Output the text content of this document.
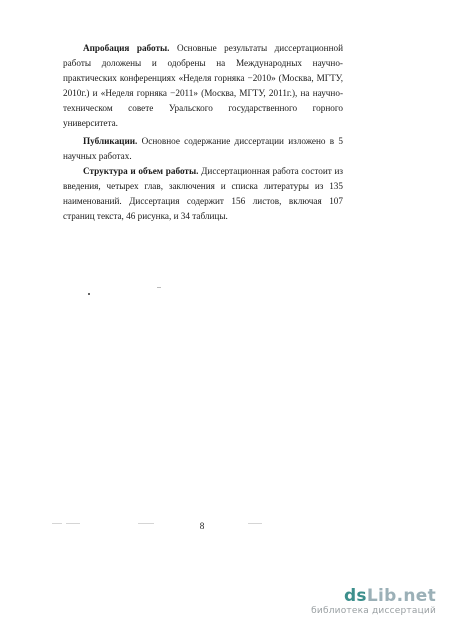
Апробация работы. Основные результаты диссертационной работы доложены и одобрены на Международных научно-практических конференциях «Неделя горняка −2010» (Москва, МГТУ, 2010г.) и «Неделя горняка −2011» (Москва, МГТУ, 2011г.), на научно-техническом совете Уральского государственного горного университета.

Публикации. Основное содержание диссертации изложено в 5 научных работах.

Структура и объем работы. Диссертационная работа состоит из введения, четырех глав, заключения и списка литературы из 135 наименований. Диссертация содержит 156 листов, включая 107 страниц текста, 46 рисунка, и 34 таблицы.

8
dsLib.net
библиотека диссертаций
